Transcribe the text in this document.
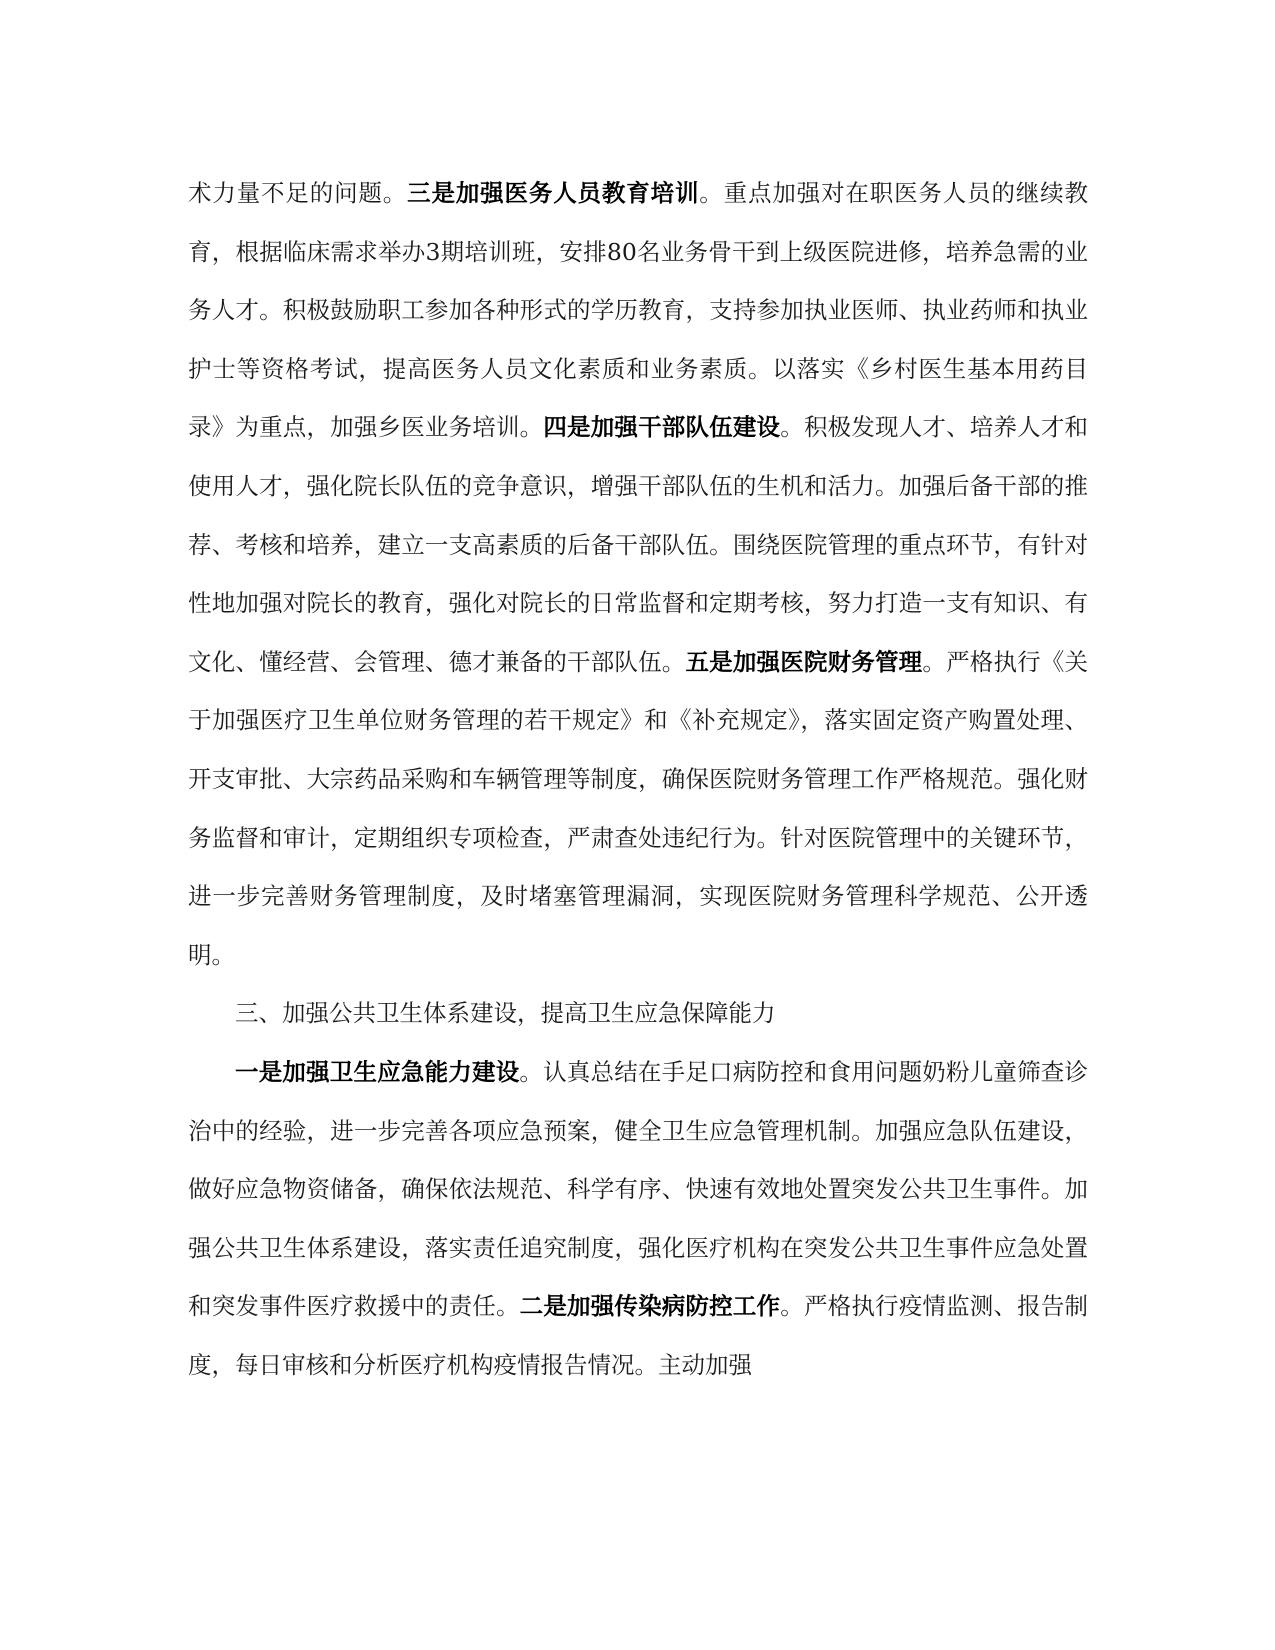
术力量不足的问题。三是加强医务人员教育培训。重点加强对在职医务人员的继续教育，根据临床需求举办3期培训班，安排80名业务骨干到上级医院进修，培养急需的业务人才。积极鼓励职工参加各种形式的学历教育，支持参加执业医师、执业药师和执业护士等资格考试，提高医务人员文化素质和业务素质。以落实《乡村医生基本用药目录》为重点，加强乡医业务培训。四是加强干部队伍建设。积极发现人才、培养人才和使用人才，强化院长队伍的竞争意识，增强干部队伍的生机和活力。加强后备干部的推荐、考核和培养，建立一支高素质的后备干部队伍。围绕医院管理的重点环节，有针对性地加强对院长的教育，强化对院长的日常监督和定期考核，努力打造一支有知识、有文化、懂经营、会管理、德才兼备的干部队伍。五是加强医院财务管理。严格执行《关于加强医疗卫生单位财务管理的若干规定》和《补充规定》，落实固定资产购置处理、开支审批、大宗药品采购和车辆管理等制度，确保医院财务管理工作严格规范。强化财务监督和审计，定期组织专项检查，严肃查处违纪行为。针对医院管理中的关键环节，进一步完善财务管理制度，及时堵塞管理漏洞，实现医院财务管理科学规范、公开透明。

三、加强公共卫生体系建设，提高卫生应急保障能力

一是加强卫生应急能力建设。认真总结在手足口病防控和食用问题奶粉儿童筛查诊治中的经验，进一步完善各项应急预案，健全卫生应急管理机制。加强应急队伍建设，做好应急物资储备，确保依法规范、科学有序、快速有效地处置突发公共卫生事件。加强公共卫生体系建设，落实责任追究制度，强化医疗机构在突发公共卫生事件应急处置和突发事件医疗救援中的责任。二是加强传染病防控工作。严格执行疫情监测、报告制度，每日审核和分析医疗机构疫情报告情况。主动加强
